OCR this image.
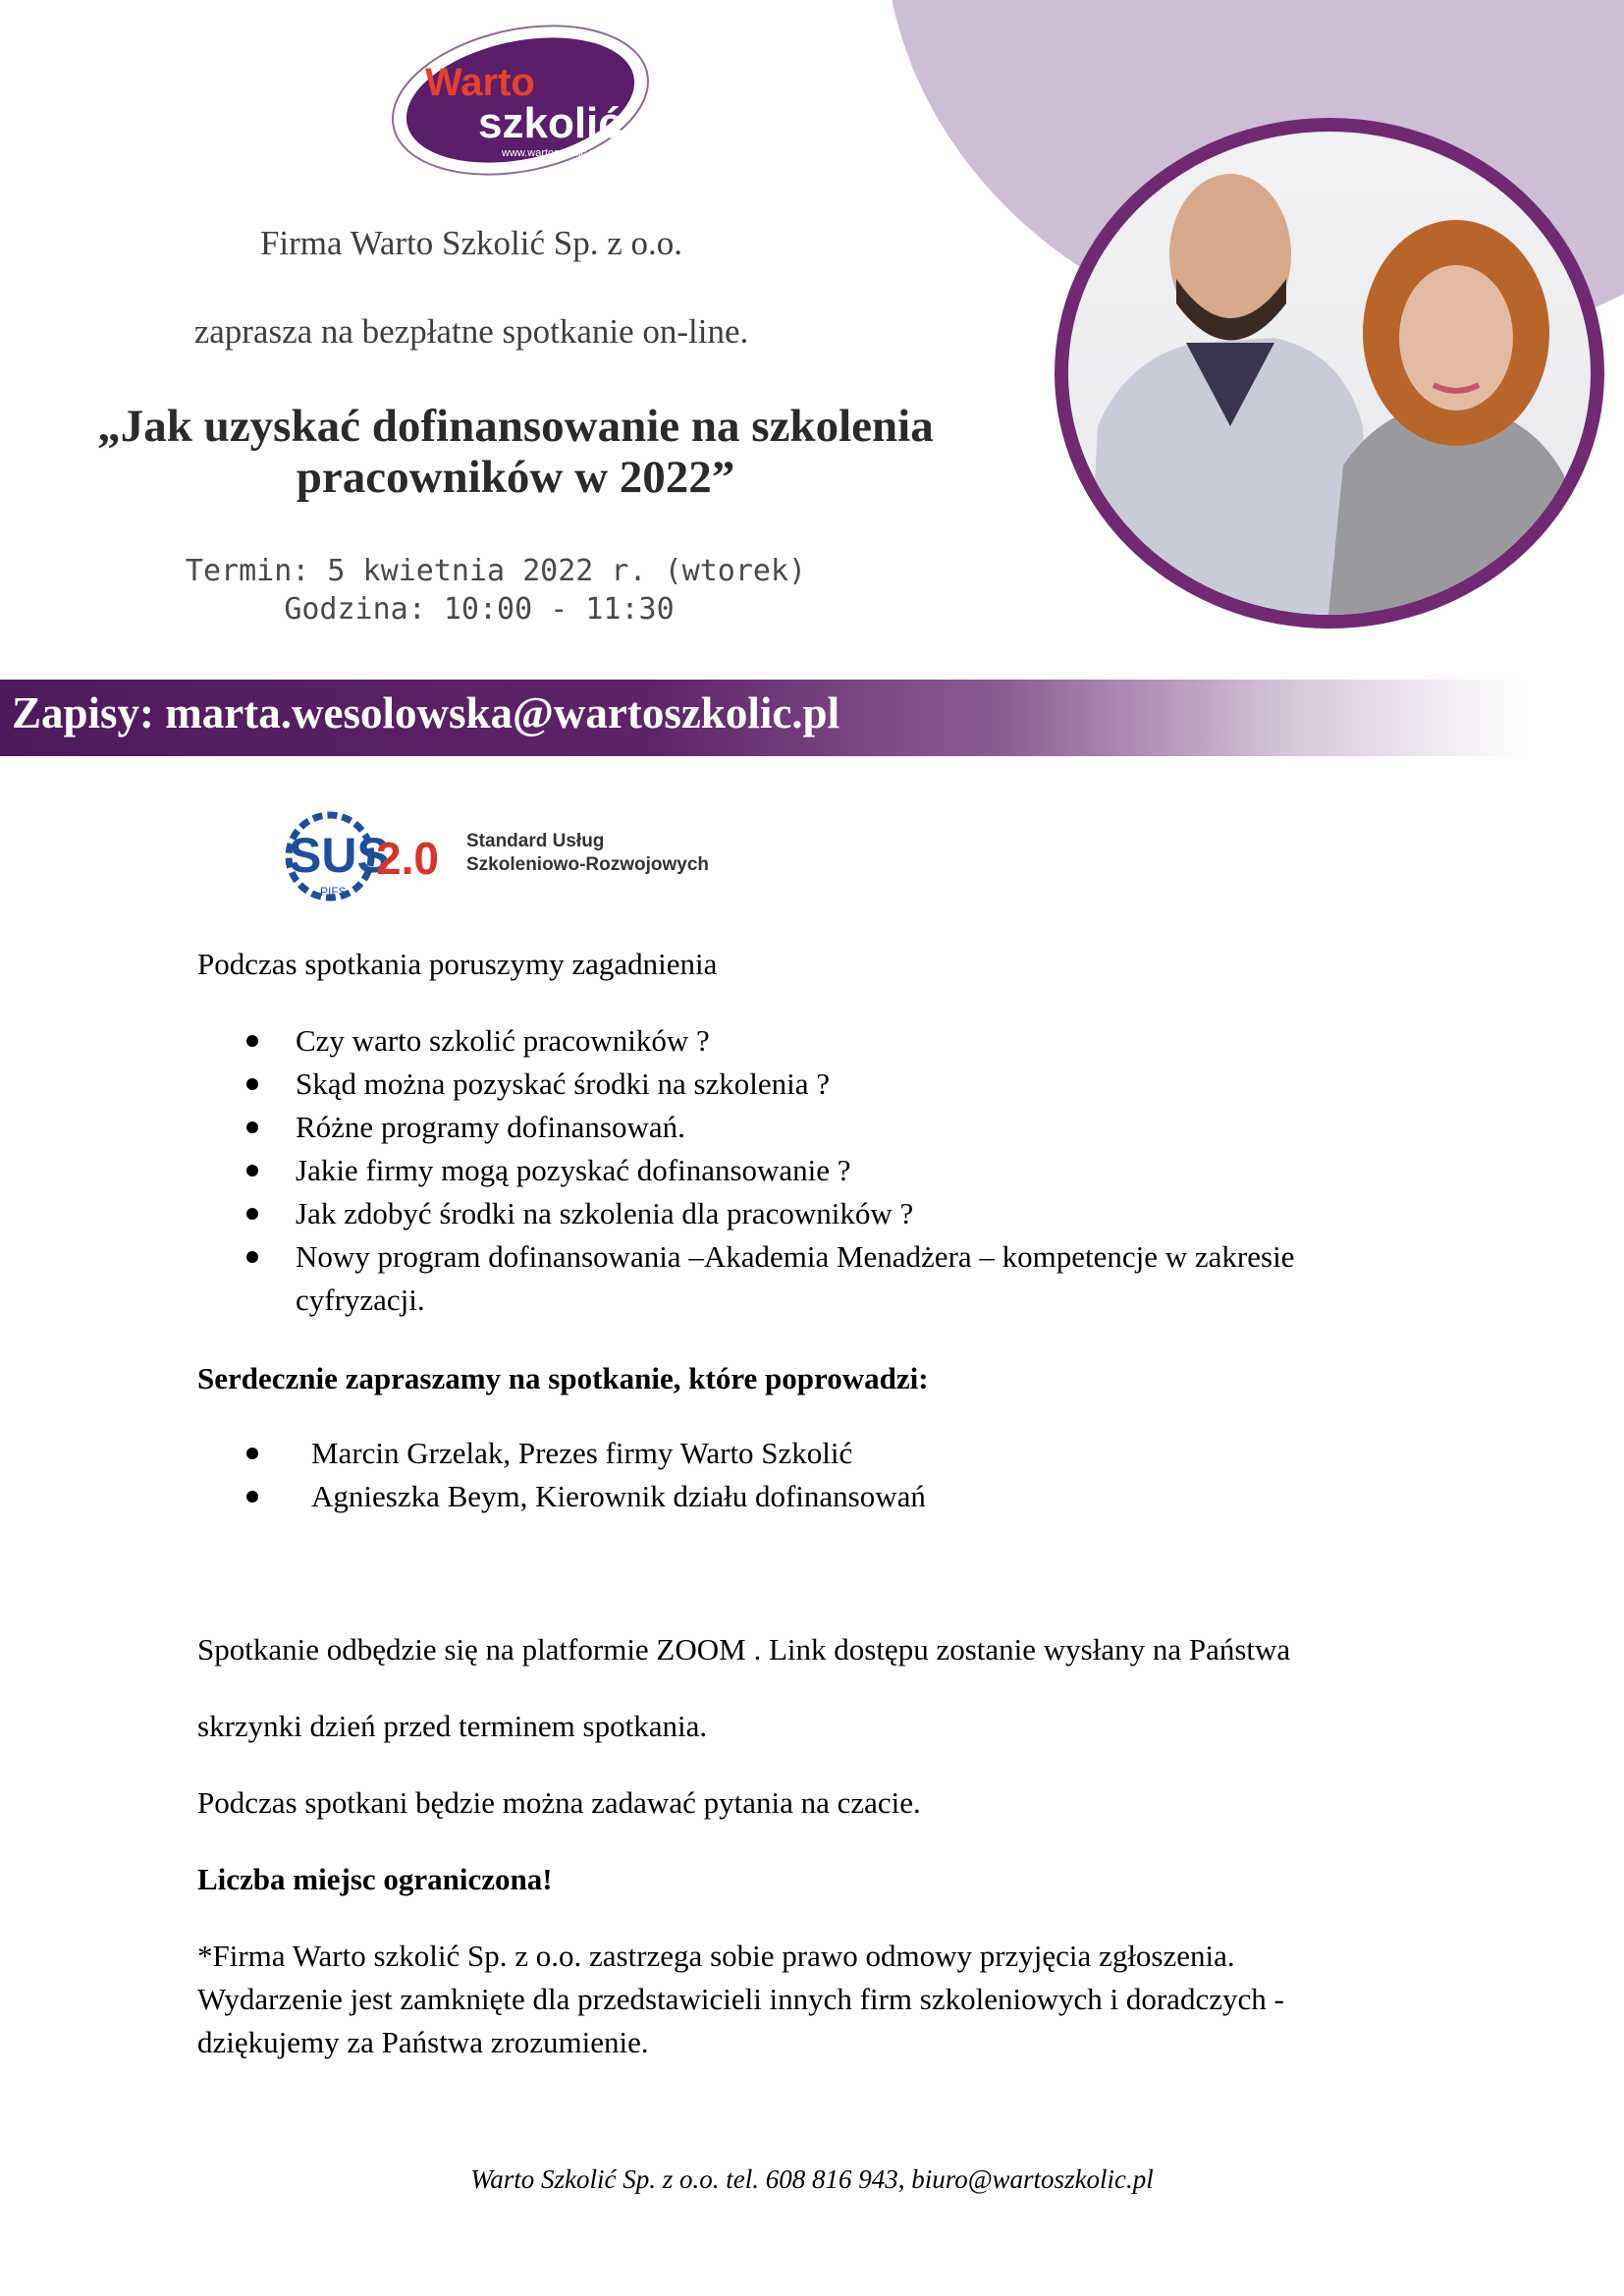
Warto
szkolić
www.wartoszkolic.pl
Firma Warto Szkolić Sp. z o.o.
zaprasza na bezpłatne spotkanie on-line.
„Jak uzyskać dofinansowanie na szkolenia
pracowników w 2022”
Termin: 5 kwietnia 2022 r. (wtorek)
Godzina: 10:00 - 11:30
Zapisy: marta.wesolowska@wartoszkolic.pl
SUS
2.0
PIFS
Standard Usług
Szkoleniowo-Rozwojowych

Podczas spotkania poruszymy zagadnienia

Czy warto szkolić pracowników ?
Skąd można pozyskać środki na szkolenia ?
Różne programy dofinansowań.
Jakie firmy mogą pozyskać dofinansowanie ?
Jak zdobyć środki na szkolenia dla pracowników ?
Nowy program dofinansowania –Akademia Menadżera – kompetencje w zakresie cyfryzacji.

Serdecznie zapraszamy na spotkanie, które poprowadzi:

Marcin Grzelak, Prezes firmy Warto Szkolić
Agnieszka Beym, Kierownik działu dofinansowań

Spotkanie odbędzie się na platformie ZOOM . Link dostępu zostanie wysłany na Państwa

skrzynki dzień przed terminem spotkania.

Podczas spotkani będzie można zadawać pytania na czacie.

Liczba miejsc ograniczona!

*Firma Warto szkolić Sp. z o.o. zastrzega sobie prawo odmowy przyjęcia zgłoszenia. Wydarzenie jest zamknięte dla przedstawicieli innych firm szkoleniowych i doradczych - dziękujemy za Państwa zrozumienie.

Warto Szkolić Sp. z o.o. tel. 608 816 943, biuro@wartoszkolic.pl
